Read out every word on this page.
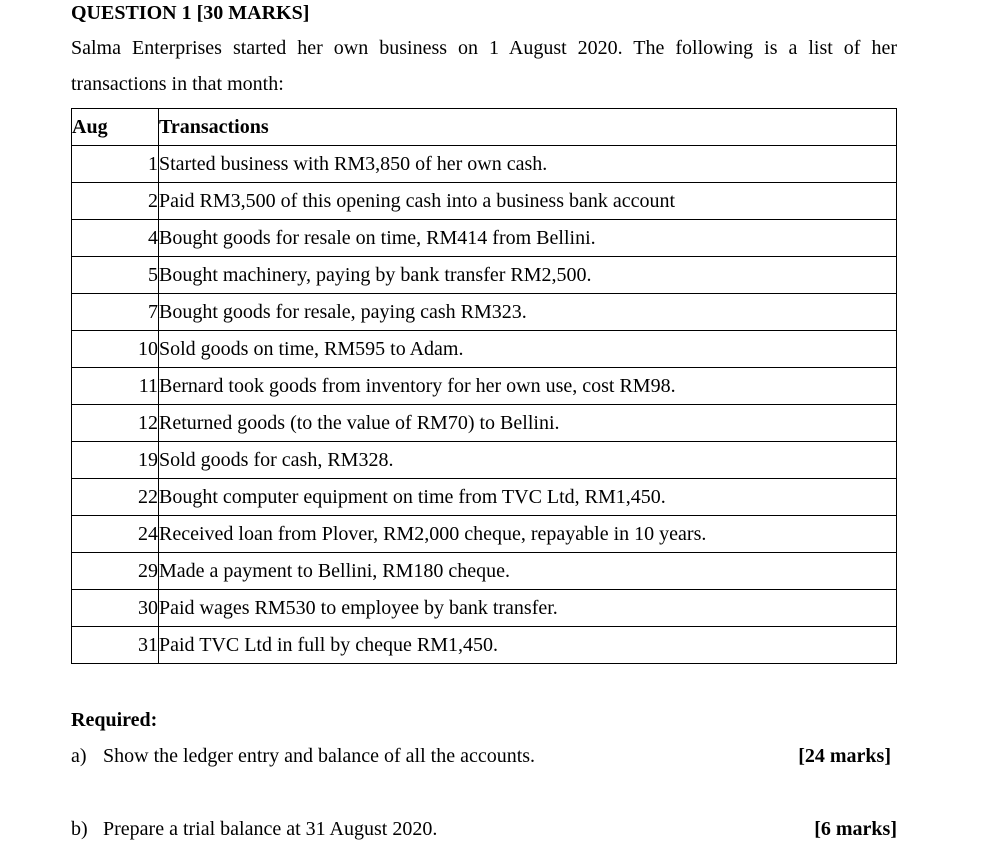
QUESTION 1 [30 MARKS]
Salma Enterprises started her own business on 1 August 2020. The following is a list of her
transactions in that month:
Aug	Transactions
1	Started business with RM3,850 of her own cash.
2	Paid RM3,500 of this opening cash into a business bank account
4	Bought goods for resale on time, RM414 from Bellini.
5	Bought machinery, paying by bank transfer RM2,500.
7	Bought goods for resale, paying cash RM323.
10	Sold goods on time, RM595 to Adam.
11	Bernard took goods from inventory for her own use, cost RM98.
12	Returned goods (to the value of RM70) to Bellini.
19	Sold goods for cash, RM328.
22	Bought computer equipment on time from TVC Ltd, RM1,450.
24	Received loan from Plover, RM2,000 cheque, repayable in 10 years.
29	Made a payment to Bellini, RM180 cheque.
30	Paid wages RM530 to employee by bank transfer.
31	Paid TVC Ltd in full by cheque RM1,450.
Required:
a) Show the ledger entry and balance of all the accounts.	[24 marks]
b) Prepare a trial balance at 31 August 2020.	[6 marks]
